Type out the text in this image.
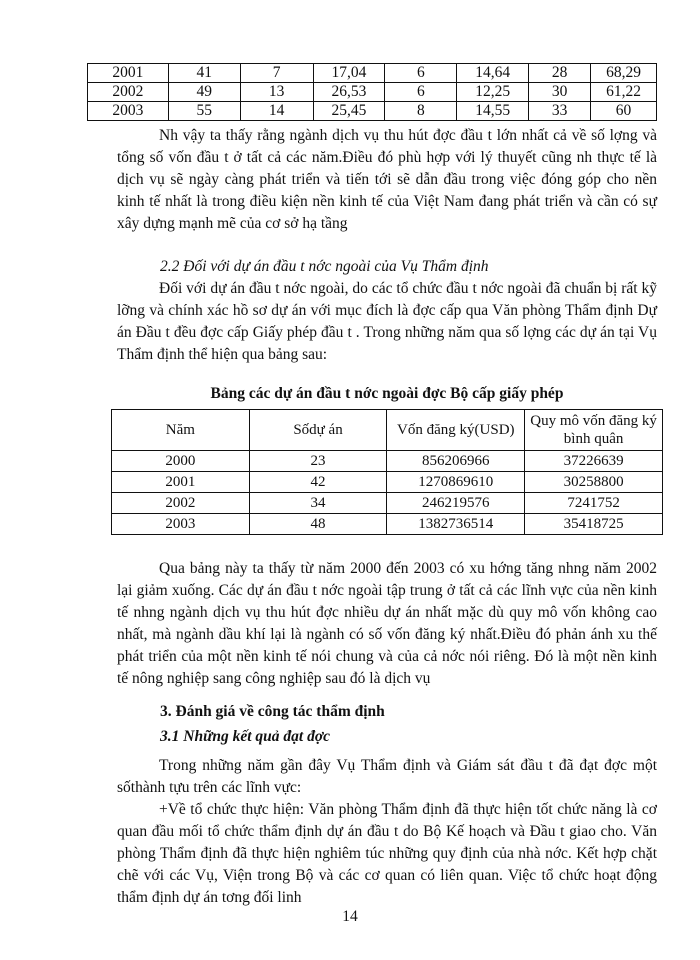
2001	41	7	17,04	6	14,64	28	68,29
2002	49	13	26,53	6	12,25	30	61,22
2003	55	14	25,45	8	14,55	33	60

Nh vậy ta thấy rằng ngành dịch vụ thu hút đợc đầu t lớn nhất cả về số lợng và tổng số vốn đầu t ở tất cả các năm.Điều đó phù hợp với lý thuyết cũng nh thực tế là dịch vụ sẽ ngày càng phát triển và tiến tới sẽ dẫn đầu trong việc đóng góp cho nền kinh tế nhất là trong điều kiện nền kinh tế của Việt Nam đang phát triển và cần có sự xây dựng mạnh mẽ của cơ sở hạ tầng

2.2 Đối với dự án đầu t nớc ngoài của Vụ Thẩm định

Đối với dự án đầu t nớc ngoài, do các tổ chức đầu t nớc ngoài đã chuẩn bị rất kỹ lỡng và chính xác hồ sơ dự án với mục đích là đợc cấp qua Văn phòng Thẩm định Dự án Đầu t đều đợc cấp Giấy phép đầu t . Trong những năm qua số lợng các dự án tại Vụ Thẩm định thể hiện qua bảng sau:

Bảng các dự án đầu t nớc ngoài đợc Bộ cấp giấy phép

Năm	Sốdự án	Vốn đăng ký(USD)	Quy mô vốn đăng ký bình quân
2000	23	856206966	37226639
2001	42	1270869610	30258800
2002	34	246219576	7241752
2003	48	1382736514	35418725

Qua bảng này ta thấy từ năm 2000 đến 2003 có xu hớng tăng nhng năm 2002 lại giảm xuống. Các dự án đầu t nớc ngoài tập trung ở tất cả các lĩnh vực của nền kinh tế nhng ngành dịch vụ thu hút đợc nhiều dự án nhất mặc dù quy mô vốn không cao nhất, mà ngành dầu khí lại là ngành có số vốn đăng ký nhất.Điều đó phản ánh xu thế phát triển của một nền kinh tế nói chung và của cả nớc nói riêng. Đó là một nền kinh tế nông nghiệp sang công nghiệp sau đó là dịch vụ

3. Đánh giá về công tác thẩm định

3.1 Những kết quả đạt đợc

Trong những năm gần đây Vụ Thẩm định và Giám sát đầu t đã đạt đợc một sốthành tựu trên các lĩnh vực:

+Về tổ chức thực hiện: Văn phòng Thẩm định đã thực hiện tốt chức năng là cơ quan đầu mối tổ chức thẩm định dự án đầu t do Bộ Kế hoạch và Đầu t giao cho. Văn phòng Thẩm định đã thực hiện nghiêm túc những quy định của nhà nớc. Kết hợp chặt chẽ với các Vụ, Viện trong Bộ và các cơ quan có liên quan. Việc tổ chức hoạt động thẩm định dự án tơng đối linh

14
